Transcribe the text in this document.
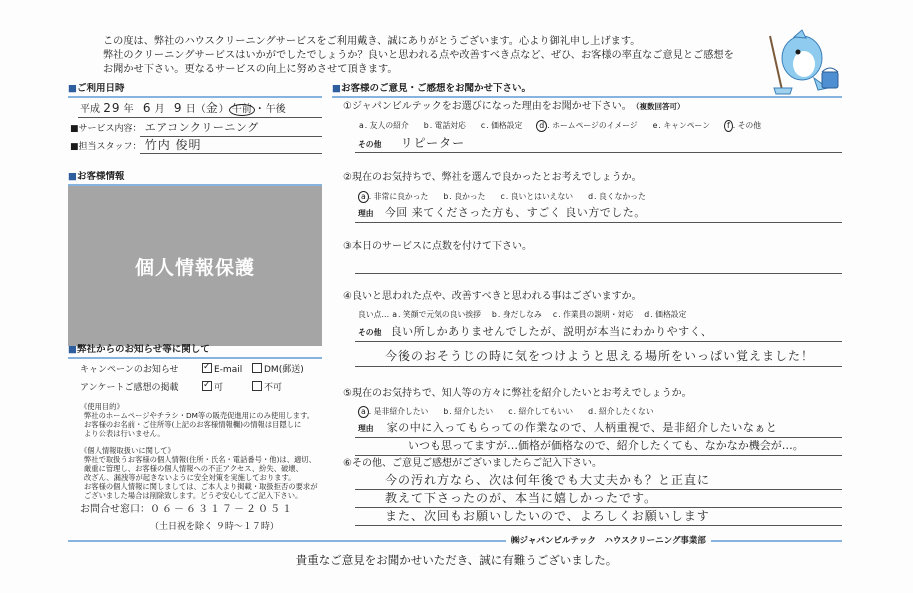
この度は、弊社のハウスクリーニングサービスをご利用戴き、誠にありがとうございます。心より御礼申し上げます。
弊社のクリーニングサービスはいかがでしたでしょうか？良いと思われる点や改善すべき点など、ぜひ、お客様の率直なご意見とご感想を
お聞かせ下さい。更なるサービスの向上に努めさせて頂きます。
■ご利用日時
平成 29 年 6 月 9 日（金） 午前 ・午後
■サービス内容： エアコンクリーニング
■担当スタッフ： 竹内 俊明
■お客様情報
個人情報保護
■弊社からのお知らせ等に関して
キャンペーンのお知らせ ✓	E-mail	DM(郵送)
アンケートご感想の掲載 ✓	可	不可
《使用目的》
弊社のホームページやチラシ・DM等の販売促進用にのみ使用します。
お客様のお名前・ご住所等(上記のお客様情報欄)の情報は目隠しに
より公表は行いません。
《個人情報取扱いに関して》
弊社で取扱うお客様の個人情報(住所・氏名・電話番号・他)は、適切、
厳重に管理し、お客様の個人情報への不正アクセス、紛失、破壊、
改ざん、漏洩等が起きないように安全対策を実施しております。
お客様の個人情報に関しましては、ご本人より掲載・取扱拒否の要求が
ございました場合は削除致します。どうぞ安心してご記入下さい。
お問合せ窓口：０６－６３１７－２０５１
（土日祝を除く ９時～１７時）
■お客様のご意見・ご感想をお聞かせ下さい。
①ジャパンビルテックをお選びになった理由をお聞かせ下さい。 （複数回答可）
a. 友人の紹介 b. 電話対応 c. 価格設定	d . ホームページのイメージ e. キャンペーン	f . その他
その他 リピーター
②現在のお気持ちで、弊社を選んで良かったとお考えでしょうか。
a . 非常に良かった b. 良かった c. 良いとはいえない d. 良くなかった
理由 今回 来てくださった方も、すごく 良い方でした。
③本日のサービスに点数を付けて下さい。
④良いと思われた点や、改善すべきと思われる事はございますか。
良い点… a. 笑顔で元気の良い挨拶 b. 身だしなみ c. 作業員の説明・対応 d. 価格設定
その他 良い所しかありませんでしたが、説明が本当にわかりやすく、
今後のおそうじの時に気をつけようと思える場所をいっぱい覚えました！
⑤現在のお気持ちで、知人等の方々に弊社を紹介したいとお考えでしょうか。
a . 是非紹介したい b. 紹介したい c. 紹介してもいい d. 紹介したくない
理由 家の中に入ってもらっての作業なので、人柄重視で、是非紹介したいなぁと
いつも思ってますが…価格が価格なので、紹介したくても、なかなか機会が…。
⑥その他、ご意見ご感想がございましたらご記入下さい。
今の汚れ方なら、次は何年後でも大丈夫かも？と正直に
教えて下さったのが、本当に嬉しかったです。
また、次回もお願いしたいので、よろしくお願いします
㈱ジャパンビルテック　ハウスクリーニング事業部
貴重なご意見をお聞かせいただき、誠に有難うございました。
